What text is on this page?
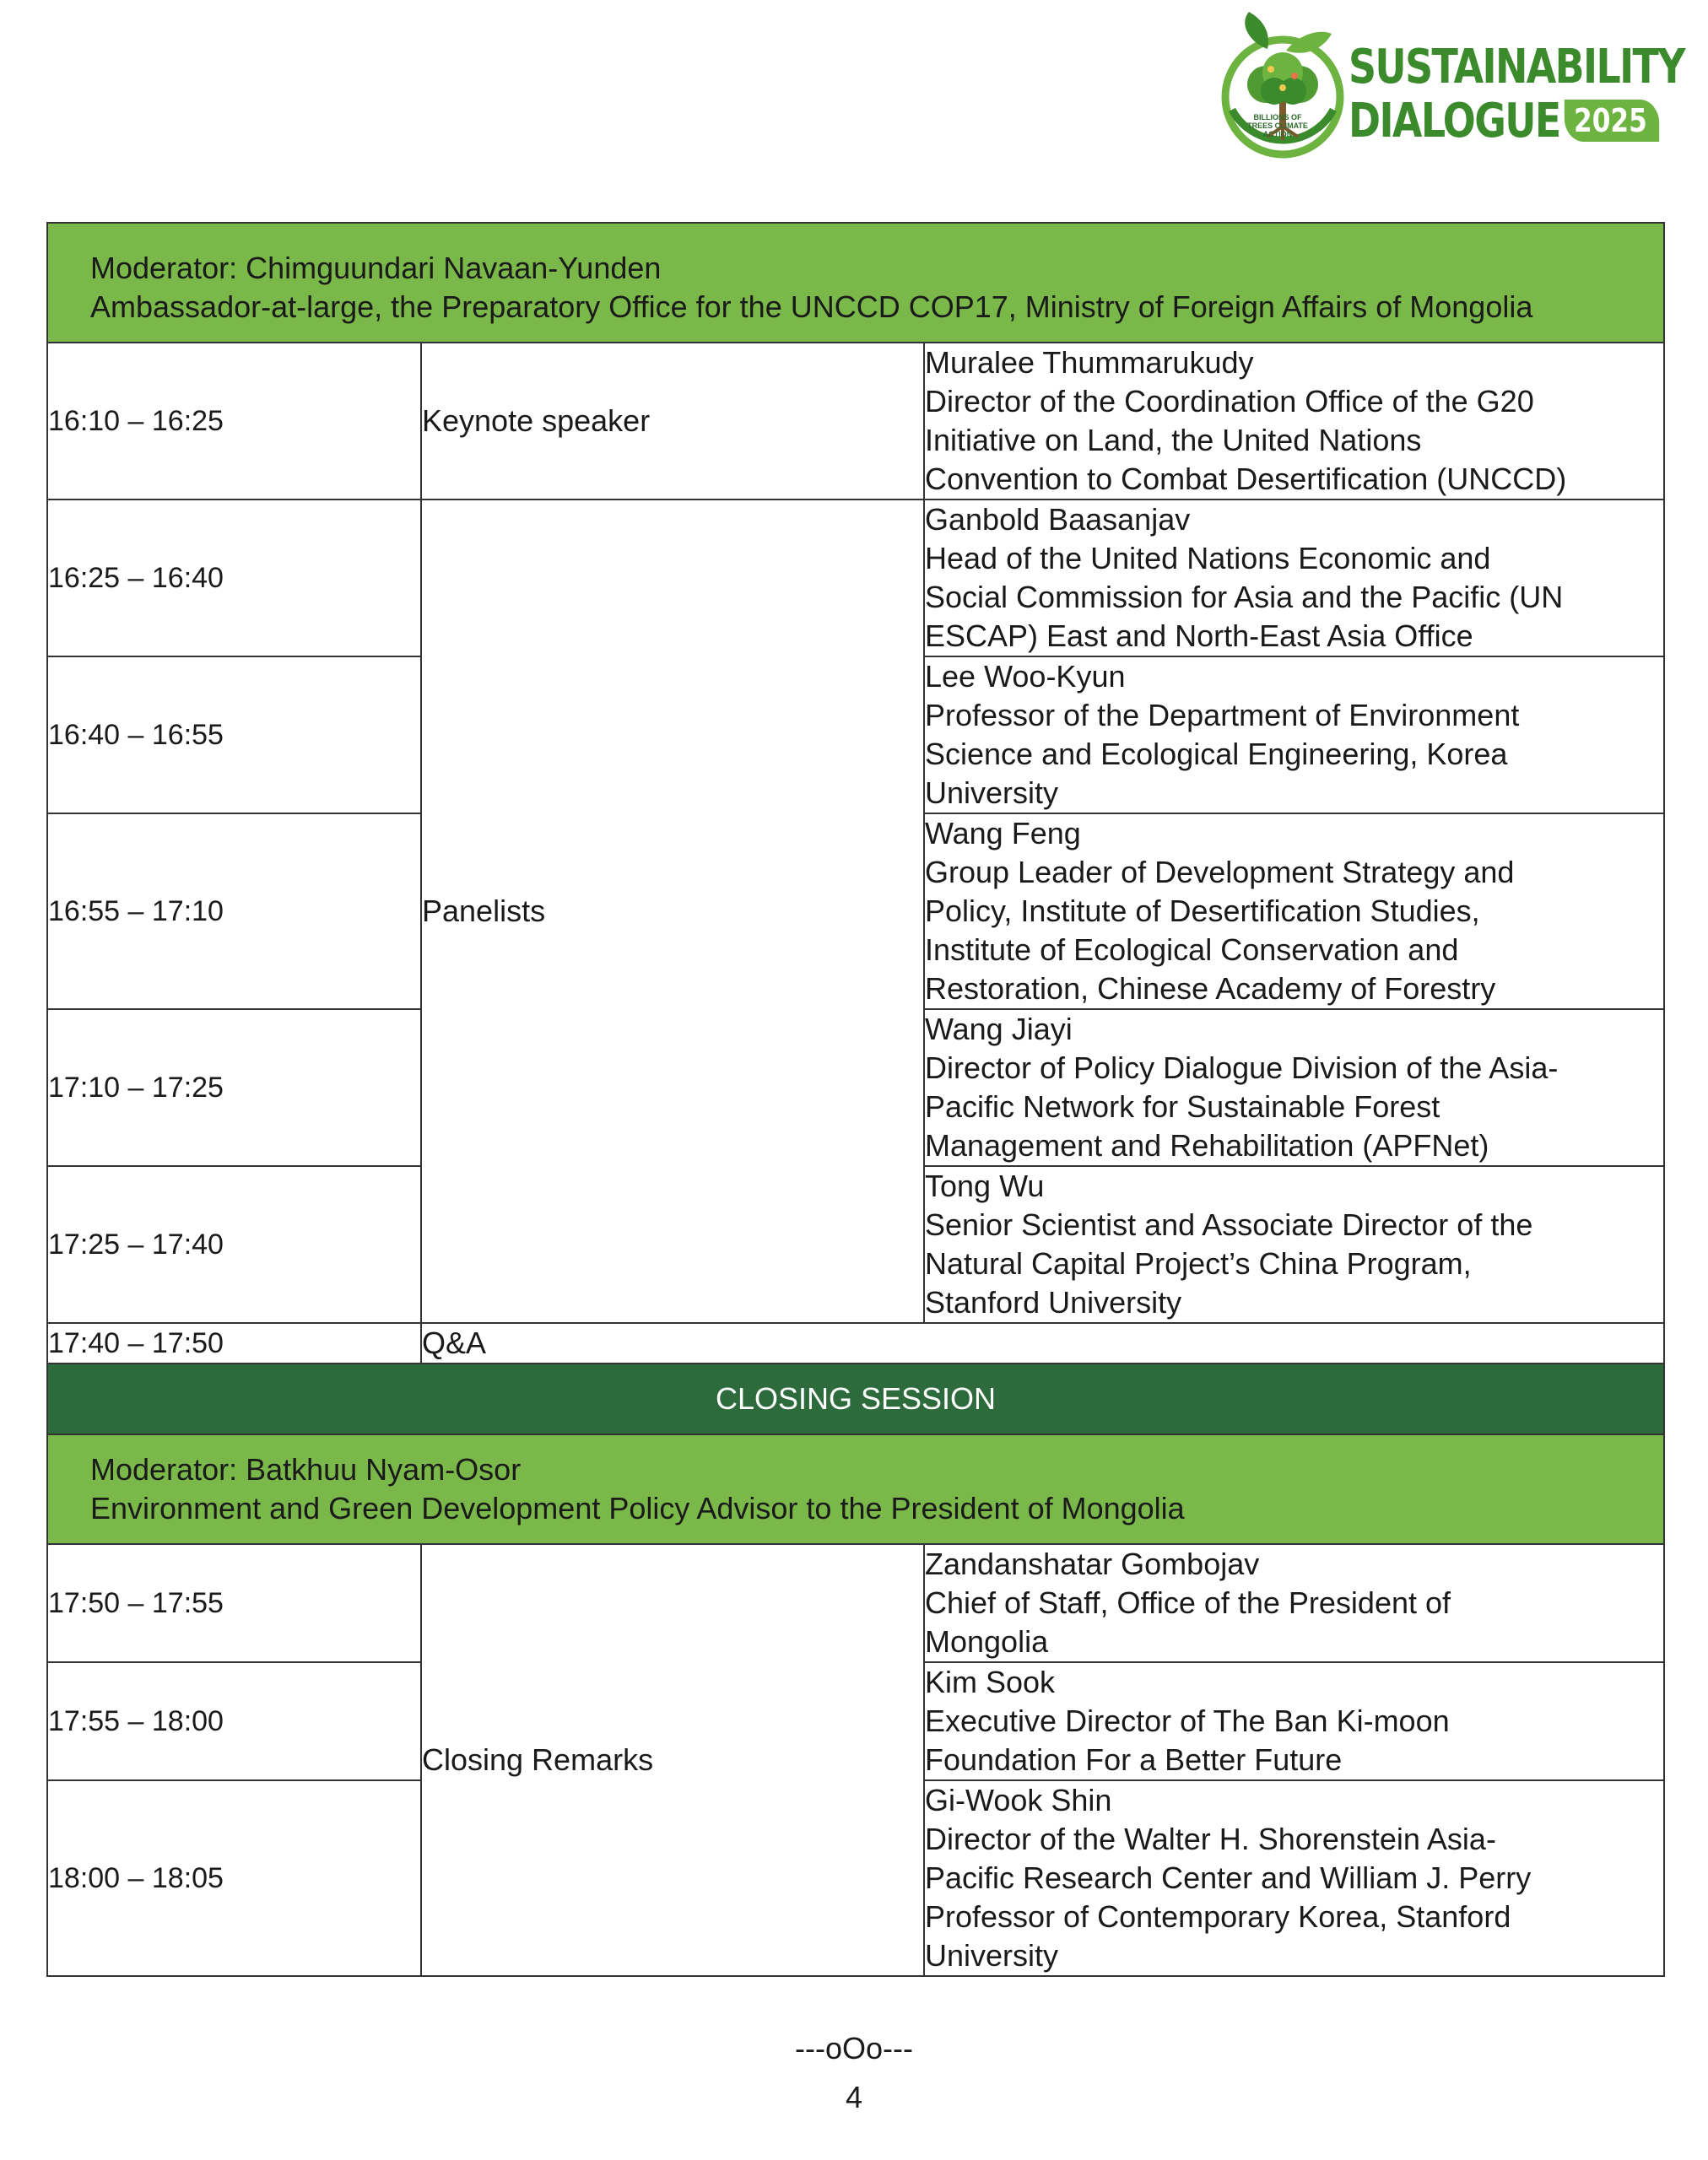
BILLIONS OF TREES CLIMATE ACTION
SUSTAINABILITY
DIALOGUE 2025
Moderator: Chimguundari Navaan-Yunden
Ambassador-at-large, the Preparatory Office for the UNCCD COP17, Ministry of Foreign Affairs of Mongolia		

16:10 – 16:25	Keynote speaker	Muralee Thummarukudy
Director of the Coordination Office of the G20
Initiative on Land, the United Nations
Convention to Combat Desertification (UNCCD)

16:25 – 16:40	Panelists	Ganbold Baasanjav
Head of the United Nations Economic and
Social Commission for Asia and the Pacific (UN
ESCAP) East and North-East Asia Office

16:40 – 16:55		Lee Woo-Kyun
Professor of the Department of Environment
Science and Ecological Engineering, Korea
University

16:55 – 17:10		Wang Feng
Group Leader of Development Strategy and
Policy, Institute of Desertification Studies,
Institute of Ecological Conservation and
Restoration, Chinese Academy of Forestry

17:10 – 17:25		Wang Jiayi
Director of Policy Dialogue Division of the Asia-
Pacific Network for Sustainable Forest
Management and Rehabilitation (APFNet)

17:25 – 17:40		Tong Wu
Senior Scientist and Associate Director of the
Natural Capital Project’s China Program,
Stanford University

17:40 – 17:50	Q&A	
CLOSING SESSION		

Moderator: Batkhuu Nyam-Osor
Environment and Green Development Policy Advisor to the President of Mongolia		

17:50 – 17:55	Closing Remarks	Zandanshatar Gombojav
Chief of Staff, Office of the President of
Mongolia

17:55 – 18:00		Kim Sook
Executive Director of The Ban Ki-moon
Foundation For a Better Future

18:00 – 18:05		Gi-Wook Shin
Director of the Walter H. Shorenstein Asia-
Pacific Research Center and William J. Perry
Professor of Contemporary Korea, Stanford
University
---oOo---
4
